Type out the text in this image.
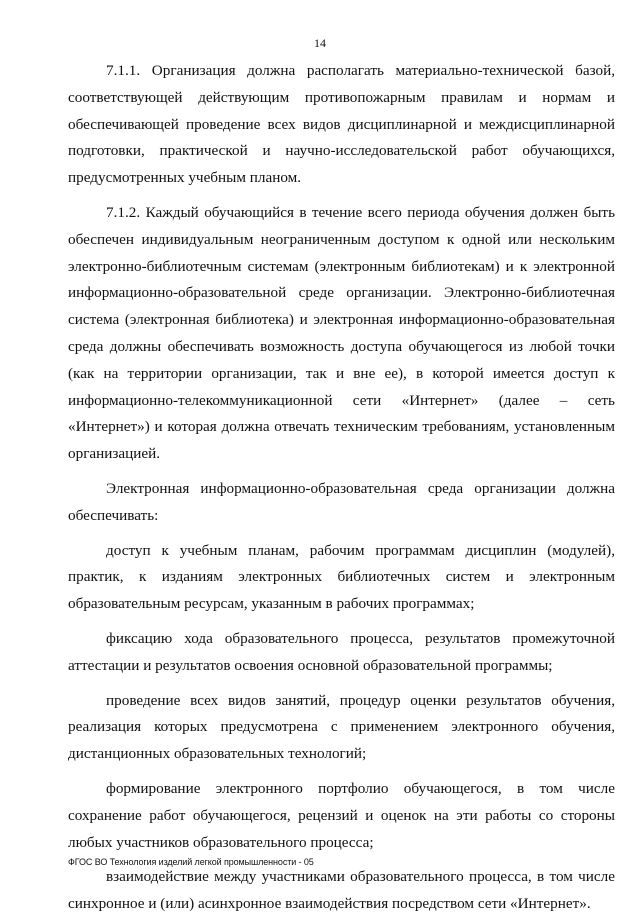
14

7.1.1. Организация должна располагать материально-технической базой, соответствующей действующим противопожарным правилам и нормам и обеспечивающей проведение всех видов дисциплинарной и междисциплинарной подготовки, практической и научно-исследовательской работ обучающихся, предусмотренных учебным планом.

7.1.2. Каждый обучающийся в течение всего периода обучения должен быть обеспечен индивидуальным неограниченным доступом к одной или нескольким электронно-библиотечным системам (электронным библиотекам) и к электронной информационно-образовательной среде организации. Электронно-библиотечная система (электронная библиотека) и электронная информационно-образовательная среда должны обеспечивать возможность доступа обучающегося из любой точки (как на территории организации, так и вне ее), в которой имеется доступ к информационно-телекоммуникационной сети «Интернет» (далее – сеть «Интернет») и которая должна отвечать техническим требованиям, установленным организацией.

Электронная информационно-образовательная среда организации должна обеспечивать:

доступ к учебным планам, рабочим программам дисциплин (модулей), практик, к изданиям электронных библиотечных систем и электронным образовательным ресурсам, указанным в рабочих программах;

фиксацию хода образовательного процесса, результатов промежуточной аттестации и результатов освоения основной образовательной программы;

проведение всех видов занятий, процедур оценки результатов обучения, реализация которых предусмотрена с применением электронного обучения, дистанционных образовательных технологий;

формирование электронного портфолио обучающегося, в том числе сохранение работ обучающегося, рецензий и оценок на эти работы со стороны любых участников образовательного процесса;

взаимодействие между участниками образовательного процесса, в том числе синхронное и (или) асинхронное взаимодействия посредством сети «Интернет».

ФГОС ВО Технология изделий легкой промышленности - 05
